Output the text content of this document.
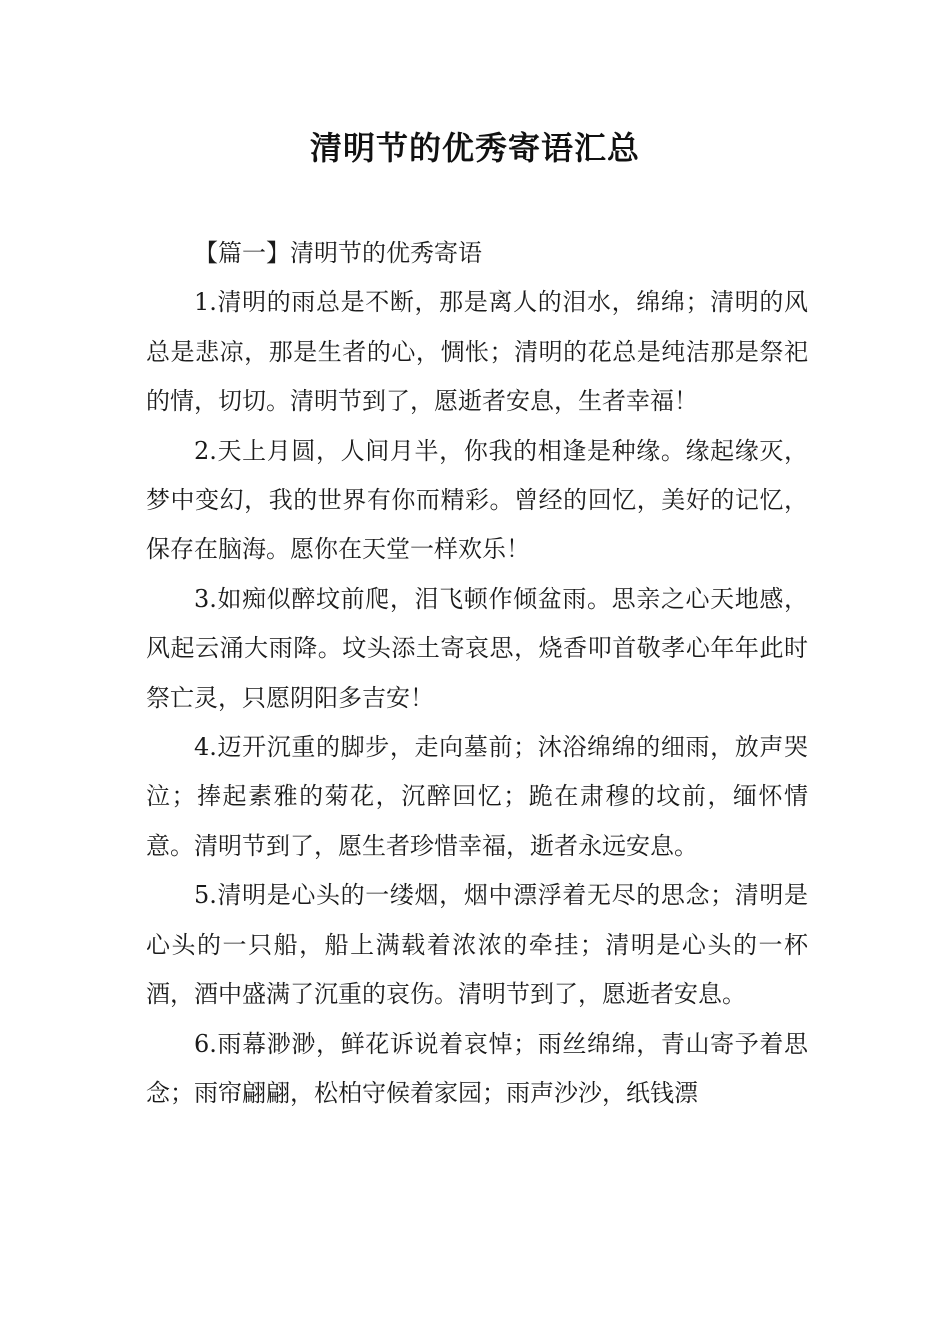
清明节的优秀寄语汇总

【篇一】清明节的优秀寄语

1.清明的雨总是不断，那是离人的泪水，绵绵；清明的风总是悲凉，那是生者的心，惆怅；清明的花总是纯洁那是祭祀的情，切切。清明节到了，愿逝者安息，生者幸福！

2.天上月圆，人间月半，你我的相逢是种缘。缘起缘灭，梦中变幻，我的世界有你而精彩。曾经的回忆，美好的记忆，保存在脑海。愿你在天堂一样欢乐！

3.如痴似醉坟前爬，泪飞顿作倾盆雨。思亲之心天地感，风起云涌大雨降。坟头添土寄哀思，烧香叩首敬孝心年年此时祭亡灵，只愿阴阳多吉安！

4.迈开沉重的脚步，走向墓前；沐浴绵绵的细雨，放声哭泣；捧起素雅的菊花，沉醉回忆；跪在肃穆的坟前，缅怀情意。清明节到了，愿生者珍惜幸福，逝者永远安息。

5.清明是心头的一缕烟，烟中漂浮着无尽的思念；清明是心头的一只船，船上满载着浓浓的牵挂；清明是心头的一杯酒，酒中盛满了沉重的哀伤。清明节到了，愿逝者安息。

6.雨幕渺渺，鲜花诉说着哀悼；雨丝绵绵，青山寄予着思念；雨帘翩翩，松柏守候着家园；雨声沙沙，纸钱漂
